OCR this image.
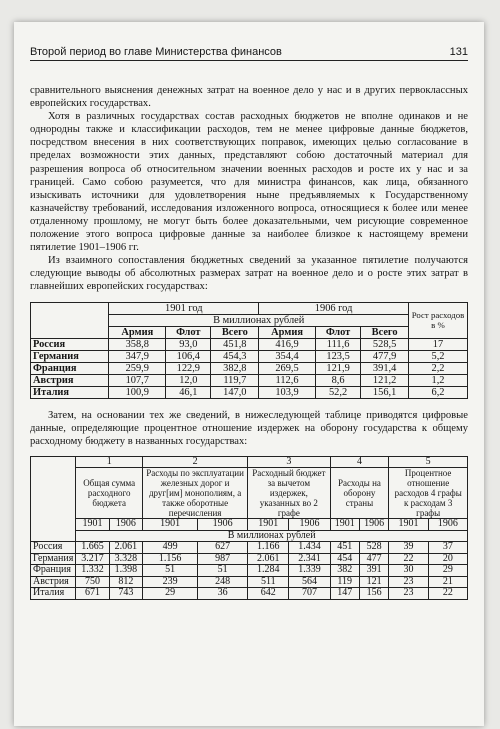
Второй период во главе Министерства финансов	131

сравнительного выяснения денежных затрат на военное дело у нас и в других первоклассных европейских государствах.

Хотя в различных государствах состав расходных бюджетов не вполне одинаков и не однородны также и классификации расходов, тем не менее цифровые данные бюджетов, посредством внесения в них соответствующих поправок, имеющих целью согласование в пределах возможности этих данных, представляют собою достаточный материал для разрешения вопроса об относительном значении военных расходов и росте их у нас и за границей. Само собою разумеется, что для министра финансов, как лица, обязанного изыскивать источники для удовлетворения ныне предъявляемых к Государственному казначейству требований, исследования изложенного вопроса, относящиеся к более или менее отдаленному прошлому, не могут быть более доказательными, чем рисующие современное положение этого вопроса цифровые данные за наиболее близкое к настоящему времени пятилетие 1901–1906 гг.

Из взаимного сопоставления бюджетных сведений за указанное пятилетие получаются следующие выводы об абсолютных размерах затрат на военное дело и о росте этих затрат в главнейших европейских государствах:

	1901 год			1906 год			Рост расходов в %
	В миллионах рублей						
	Армия	Флот	Всего	Армия	Флот	Всего	
Россия	358,8	93,0	451,8	416,9	111,6	528,5	17
Германия	347,9	106,4	454,3	354,4	123,5	477,9	5,2
Франция	259,9	122,9	382,8	269,5	121,9	391,4	2,2
Австрия	107,7	12,0	119,7	112,6	8,6	121,2	1,2
Италия	100,9	46,1	147,0	103,9	52,2	156,1	6,2

Затем, на основании тех же сведений, в нижеследующей таблице приводятся цифровые данные, определяющие процентное отношение издержек на оборону государства к общему расходному бюджету в названных государствах:

	1		2		3		4		5	
	Общая сумма расходного бюджета		Расходы по эксплуатации железных дорог и друг[им] монополиям, а также оборотные перечисления		Расходный бюджет за вычетом издержек, указанных во 2 графе		Расходы на оборону страны		Процентное отношение расходов 4 графы к расходам 3 графы	
	1901	1906	1901	1906	1901	1906	1901	1906	1901	1906
	В миллионах рублей									
Россия	1.665	2.061	499	627	1.166	1.434	451	528	39	37
Германия	3.217	3.328	1.156	987	2.061	2.341	454	477	22	20
Франция	1.332	1.398	51	51	1.284	1.339	382	391	30	29
Австрия	750	812	239	248	511	564	119	121	23	21
Италия	671	743	29	36	642	707	147	156	23	22
